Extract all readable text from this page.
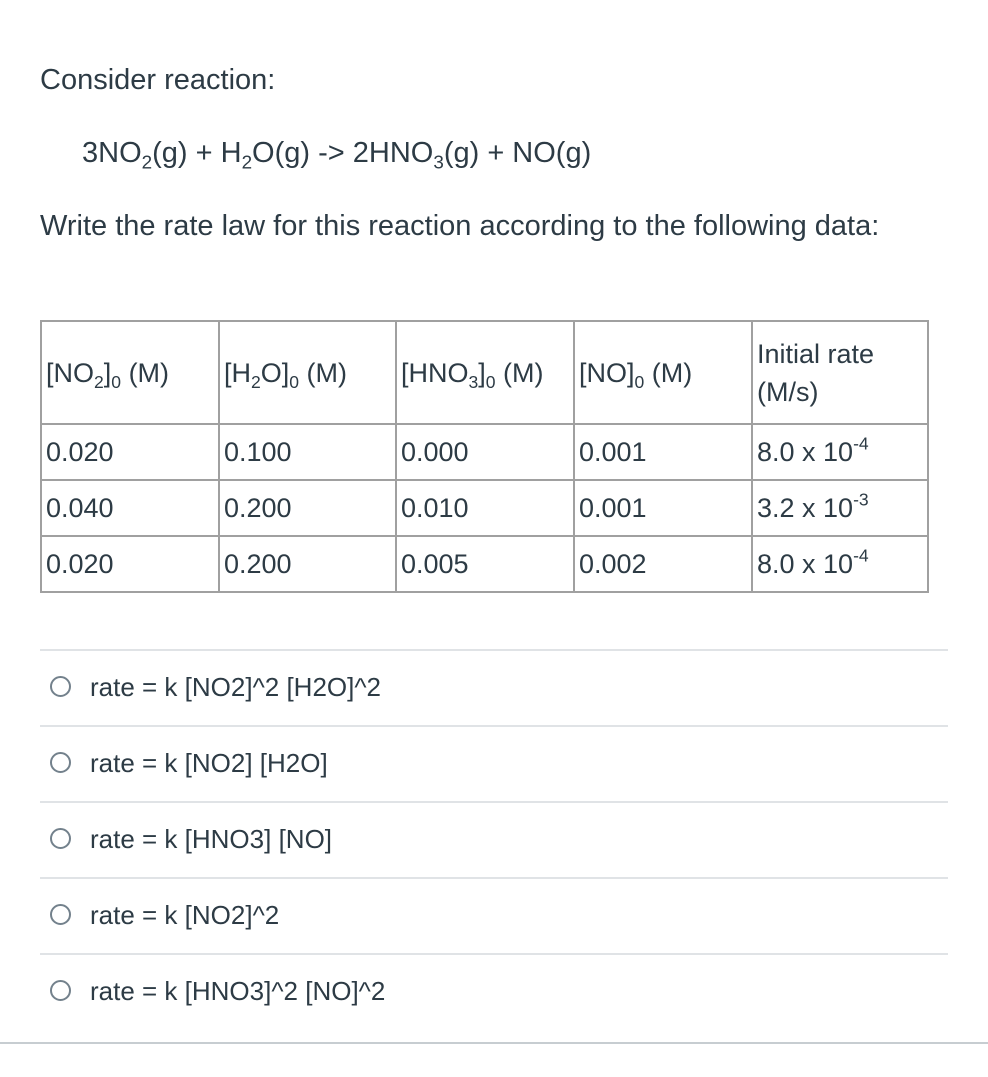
Consider reaction:

$3NO_2(g) + H_2O(g) -> 2HNO_3(g) + NO(g)$

Write the rate law for this reaction according to the following data:

$[NO_2]_0$ (M)	$[H_2O]_0$ (M)	$[HNO_3]_0$ (M)	$[NO]_0$ (M)	Initial rate (M/s)
0.020	0.100	0.000	0.001	8.0 x $10^{-4}$
0.040	0.200	0.010	0.001	3.2 x $10^{-3}$
0.020	0.200	0.005	0.002	8.0 x $10^{-4}$
rate = k [NO2]^2 [H2O]^2
rate = k [NO2] [H2O]
rate = k [HNO3] [NO]
rate = k [NO2]^2
rate = k [HNO3]^2 [NO]^2
